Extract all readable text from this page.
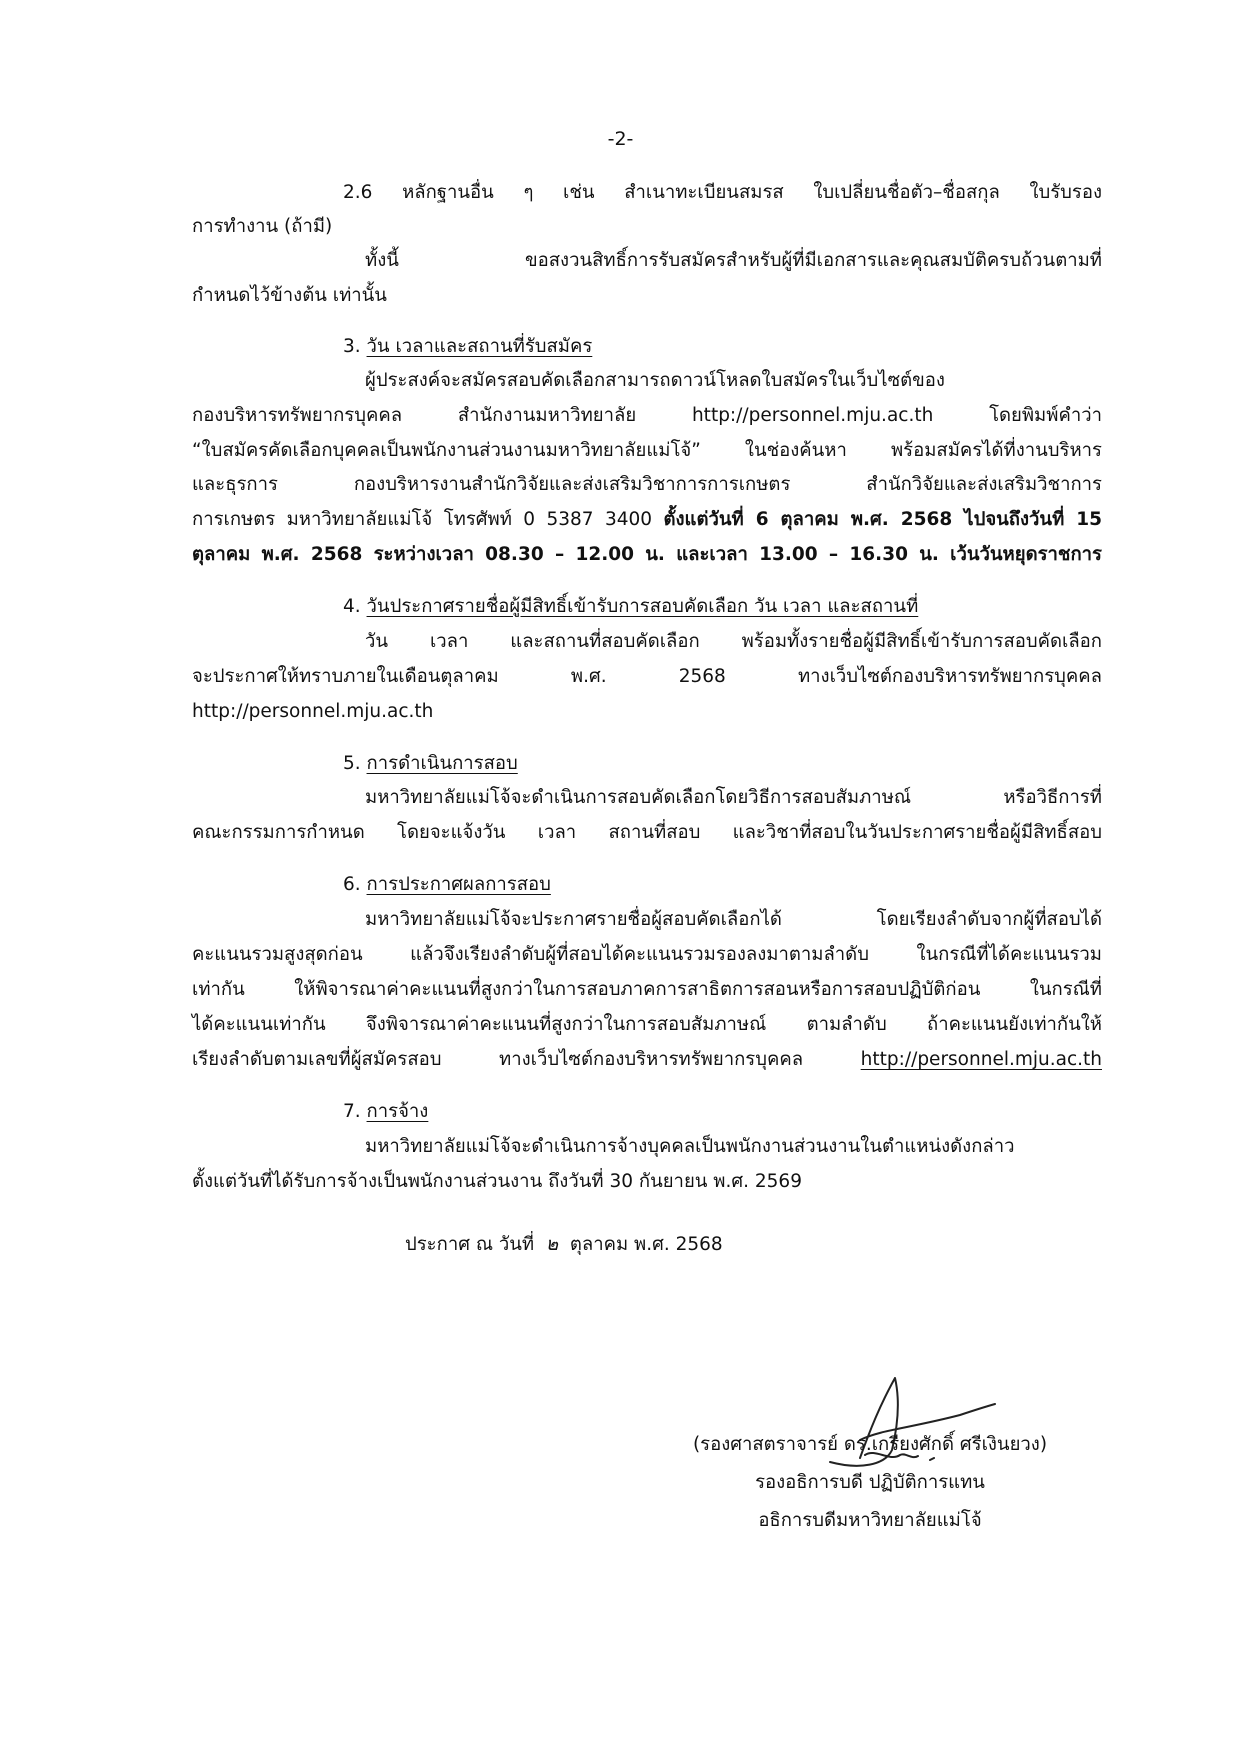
-2-
2.6 หลักฐานอื่น ๆ เช่น สำเนาทะเบียนสมรส ใบเปลี่ยนชื่อตัว–ชื่อสกุล ใบรับรอง
การทำงาน (ถ้ามี)
ทั้งนี้ ขอสงวนสิทธิ์การรับสมัครสำหรับผู้ที่มีเอกสารและคุณสมบัติครบถ้วนตามที่
กำหนดไว้ข้างต้น เท่านั้น
3. วัน เวลาและสถานที่รับสมัคร
ผู้ประสงค์จะสมัครสอบคัดเลือกสามารถดาวน์โหลดใบสมัครในเว็บไซต์ของ
กองบริหารทรัพยากรบุคคล สำนักงานมหาวิทยาลัย http://personnel.mju.ac.th โดยพิมพ์คำว่า
“ใบสมัครคัดเลือกบุคคลเป็นพนักงานส่วนงานมหาวิทยาลัยแม่โจ้” ในช่องค้นหา พร้อมสมัครได้ที่งานบริหาร
และธุรการ กองบริหารงานสำนักวิจัยและส่งเสริมวิชาการการเกษตร สำนักวิจัยและส่งเสริมวิชาการ
การเกษตร มหาวิทยาลัยแม่โจ้ โทรศัพท์ 0 5387 3400 ตั้งแต่วันที่ 6 ตุลาคม พ.ศ. 2568 ไปจนถึงวันที่ 15
ตุลาคม พ.ศ. 2568 ระหว่างเวลา 08.30 – 12.00 น. และเวลา 13.00 – 16.30 น. เว้นวันหยุดราชการ
4. วันประกาศรายชื่อผู้มีสิทธิ์เข้ารับการสอบคัดเลือก วัน เวลา และสถานที่
วัน เวลา และสถานที่สอบคัดเลือก พร้อมทั้งรายชื่อผู้มีสิทธิ์เข้ารับการสอบคัดเลือก
จะประกาศให้ทราบภายในเดือนตุลาคม พ.ศ. 2568 ทางเว็บไซต์กองบริหารทรัพยากรบุคคล
http://personnel.mju.ac.th
5. การดำเนินการสอบ
มหาวิทยาลัยแม่โจ้จะดำเนินการสอบคัดเลือกโดยวิธีการสอบสัมภาษณ์ หรือวิธีการที่
คณะกรรมการกำหนด โดยจะแจ้งวัน เวลา สถานที่สอบ และวิชาที่สอบในวันประกาศรายชื่อผู้มีสิทธิ์สอบ
6. การประกาศผลการสอบ
มหาวิทยาลัยแม่โจ้จะประกาศรายชื่อผู้สอบคัดเลือกได้ โดยเรียงลำดับจากผู้ที่สอบได้
คะแนนรวมสูงสุดก่อน แล้วจึงเรียงลำดับผู้ที่สอบได้คะแนนรวมรองลงมาตามลำดับ ในกรณีที่ได้คะแนนรวม
เท่ากัน ให้พิจารณาค่าคะแนนที่สูงกว่าในการสอบภาคการสาธิตการสอนหรือการสอบปฏิบัติก่อน ในกรณีที่
ได้คะแนนเท่ากัน จึงพิจารณาค่าคะแนนที่สูงกว่าในการสอบสัมภาษณ์ ตามลำดับ ถ้าคะแนนยังเท่ากันให้
เรียงลำดับตามเลขที่ผู้สมัครสอบ ทางเว็บไซต์กองบริหารทรัพยากรบุคคล http://personnel.mju.ac.th
7. การจ้าง
มหาวิทยาลัยแม่โจ้จะดำเนินการจ้างบุคคลเป็นพนักงานส่วนงานในตำแหน่งดังกล่าว
ตั้งแต่วันที่ได้รับการจ้างเป็นพนักงานส่วนงาน ถึงวันที่ 30 กันยายน พ.ศ. 2569
ประกาศ ณ วันที่ ๒ ตุลาคม พ.ศ. 2568
(รองศาสตราจารย์ ดร.เกรียงศักดิ์ ศรีเงินยวง)
รองอธิการบดี ปฏิบัติการแทน
อธิการบดีมหาวิทยาลัยแม่โจ้
